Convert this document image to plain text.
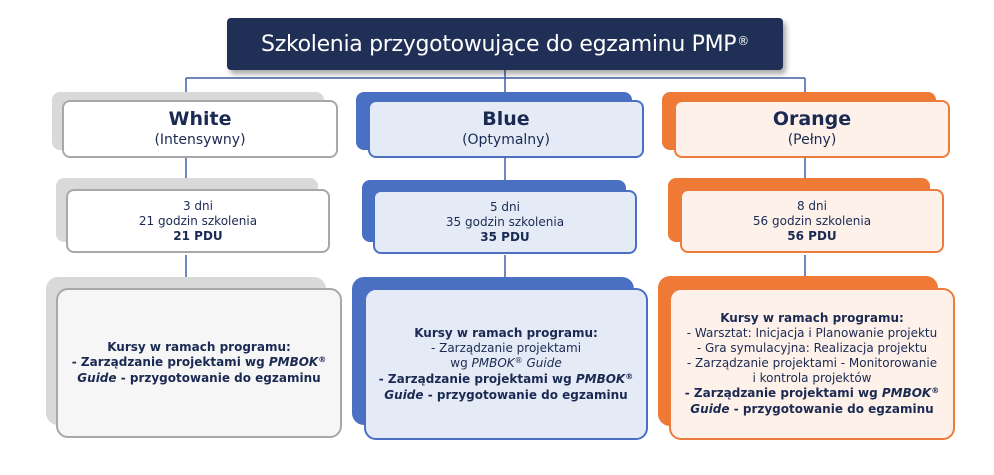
Szkolenia przygotowujące do egzaminu PMP®
White
(Intensywny)
3 dni
21 godzin szkolenia
21 PDU
Kursy w ramach programu:
- Zarządzanie projektami wg PMBOK®
Guide - przygotowanie do egzaminu
Blue
(Optymalny)
5 dni
35 godzin szkolenia
35 PDU
Kursy w ramach programu:
- Zarządzanie projektami
wg PMBOK® Guide
- Zarządzanie projektami wg PMBOK®
Guide - przygotowanie do egzaminu
Orange
(Pełny)
8 dni
56 godzin szkolenia
56 PDU
Kursy w ramach programu:
- Warsztat: Inicjacja i Planowanie projektu
- Gra symulacyjna: Realizacja projektu
- Zarządzanie projektami - Monitorowanie
i kontrola projektów
- Zarządzanie projektami wg PMBOK®
Guide - przygotowanie do egzaminu
